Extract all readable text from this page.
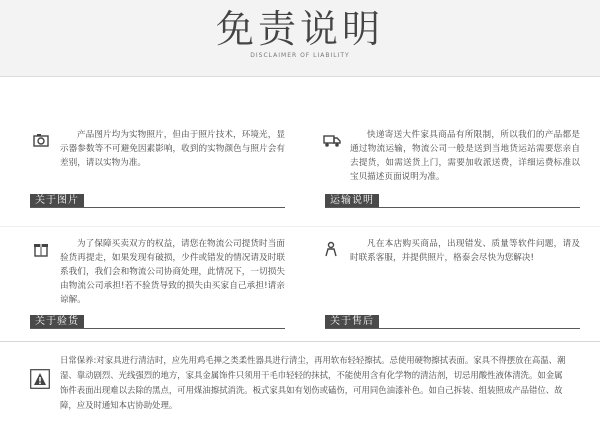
免责说明
DISCLAIMER OF LIABILITY
产品图片均为实物照片，但由于照片技术，环境光，显示器参数等不可避免因素影响，收到的实物颜色与照片会有差别，请以实物为准。
关于图片
快递寄送大件家具商品有所限制，所以我们的产品都是通过物流运输，物流公司一般是送到当地货运站需要您亲自去提货，如需送货上门，需要加收派送费，详细运费标准以宝贝描述页面说明为准。
运输说明
为了保障买卖双方的权益，请您在物流公司提货时当面验货再提走，如果发现有破损，少件或错发的情况请及时联系我们，我们会和物流公司协商处理，此情况下，一切损失由物流公司承担!若不验货导致的损失由买家自己承担!请亲谅解。
关于验货
凡在本店购买商品，出现错发、质量等软件问题，请及时联系客服，并提供照片，格泰会尽快为您解决!
关于售后
日常保养:对家具进行清洁时，应先用鸡毛掸之类柔性器具进行清尘，再用软布轻轻擦拭。忌使用硬物擦拭表面。家具不得摆放在高温、潮湿、靠动剧烈、光线强烈的地方，家具金属饰件只须用干毛巾轻轻的抹拭，不能使用含有化学物的清洁剂，切忌用酸性液体清洗。如金属饰件表面出现难以去除的黑点，可用煤油擦拭消洗。板式家具如有划伤或磕伤，可用同色油漆补色。如自己拆装、组装照成产品错位、故障，应及时通知本店协助处理。
